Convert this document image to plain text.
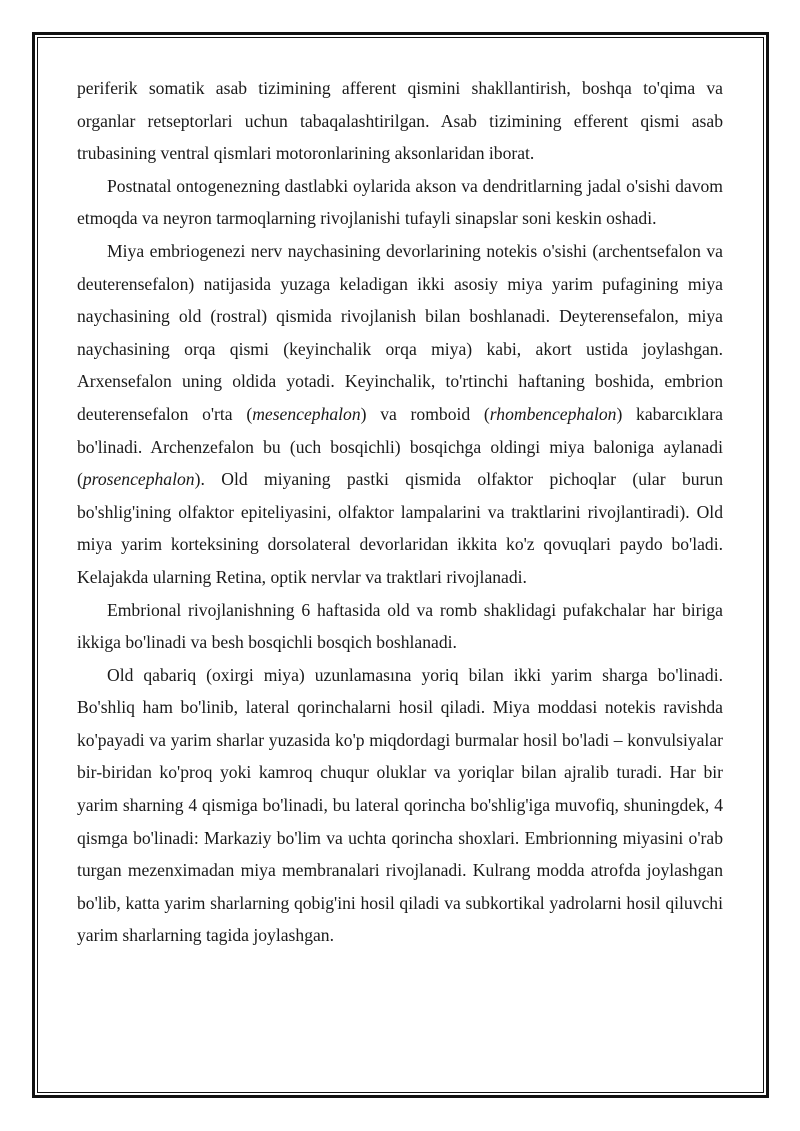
periferik somatik asab tizimining afferent qismini shakllantirish, boshqa to'qima va organlar retseptorlari uchun tabaqalashtirilgan. Asab tizimining efferent qismi asab trubasining ventral qismlari motoronlarining aksonlaridan iborat.

Postnatal ontogenezning dastlabki oylarida akson va dendritlarning jadal o'sishi davom etmoqda va neyron tarmoqlarning rivojlanishi tufayli sinapslar soni keskin oshadi.

Miya embriogenezi nerv naychasining devorlarining notekis o'sishi (archentsefalon va deuterensefalon) natijasida yuzaga keladigan ikki asosiy miya yarim pufagining miya naychasining old (rostral) qismida rivojlanish bilan boshlanadi. Deyterensefalon, miya naychasining orqa qismi (keyinchalik orqa miya) kabi, akort ustida joylashgan. Arxensefalon uning oldida yotadi. Keyinchalik, to'rtinchi haftaning boshida, embrion deuterensefalon o'rta (mesencephalon) va romboid (rhombencephalon) kabarcıklara bo'linadi. Archenzefalon bu (uch bosqichli) bosqichga oldingi miya baloniga aylanadi (prosencephalon). Old miyaning pastki qismida olfaktor pichoqlar (ular burun bo'shlig'ining olfaktor epiteliyasini, olfaktor lampalarini va traktlarini rivojlantiradi). Old miya yarim korteksining dorsolateral devorlaridan ikkita ko'z qovuqlari paydo bo'ladi. Kelajakda ularning Retina, optik nervlar va traktlari rivojlanadi.

Embrional rivojlanishning 6 haftasida old va romb shaklidagi pufakchalar har biriga ikkiga bo'linadi va besh bosqichli bosqich boshlanadi.

Old qabariq (oxirgi miya) uzunlamasına yoriq bilan ikki yarim sharga bo'linadi. Bo'shliq ham bo'linib, lateral qorinchalarni hosil qiladi. Miya moddasi notekis ravishda ko'payadi va yarim sharlar yuzasida ko'p miqdordagi burmalar hosil bo'ladi – konvulsiyalar bir-biridan ko'proq yoki kamroq chuqur oluklar va yoriqlar bilan ajralib turadi. Har bir yarim sharning 4 qismiga bo'linadi, bu lateral qorincha bo'shlig'iga muvofiq, shuningdek, 4 qismga bo'linadi: Markaziy bo'lim va uchta qorincha shoxlari. Embrionning miyasini o'rab turgan mezenximadan miya membranalari rivojlanadi. Kulrang modda atrofda joylashgan bo'lib, katta yarim sharlarning qobig'ini hosil qiladi va subkortikal yadrolarni hosil qiluvchi yarim sharlarning tagida joylashgan.
